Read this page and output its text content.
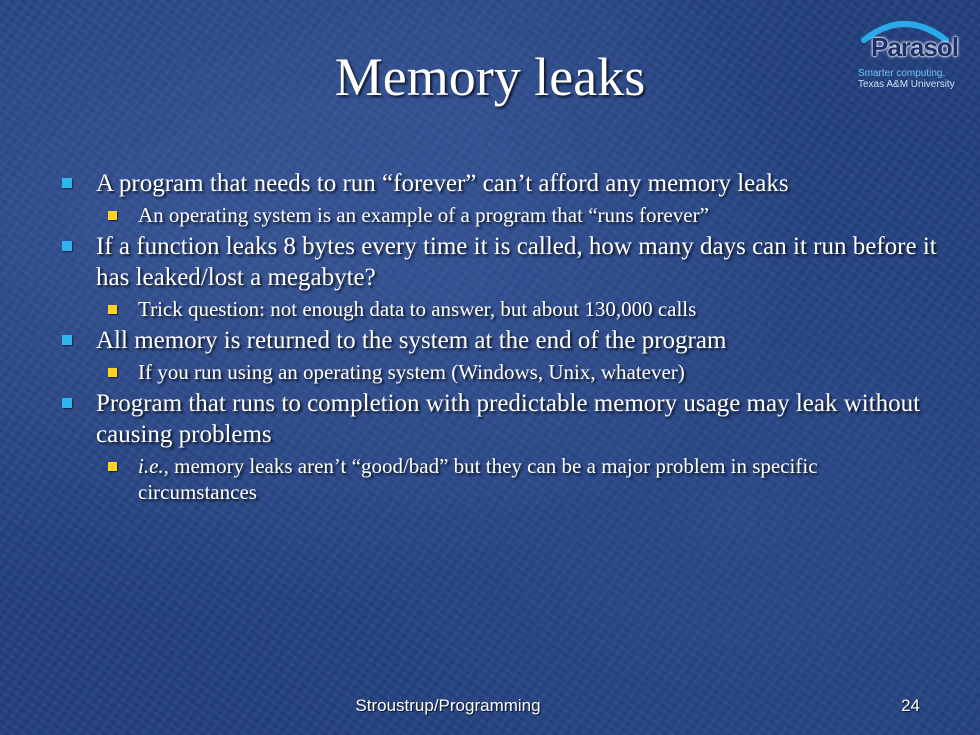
Memory leaks	Parasol
Smarter computing.
Texas A&M University
A program that needs to run “forever” can’t afford any memory leaks
An operating system is an example of a program that “runs forever”
If a function leaks 8 bytes every time it is called, how many days can it run before it has leaked/lost a megabyte?
Trick question: not enough data to answer, but about 130,000 calls
All memory is returned to the system at the end of the program
If you run using an operating system (Windows, Unix, whatever)
Program that runs to completion with predictable memory usage may leak without causing problems
i.e., memory leaks aren’t “good/bad” but they can be a major problem in specific circumstances
Stroustrup/Programming	24
